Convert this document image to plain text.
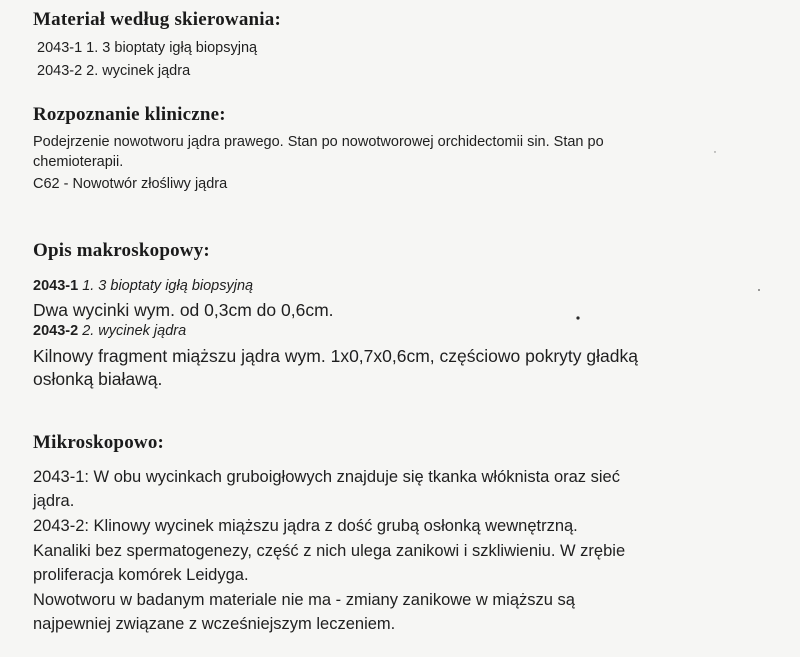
Materiał według skierowania:
2043-1 1. 3 bioptaty igłą biopsyjną
2043-2 2. wycinek jądra
Rozpoznanie kliniczne:
Podejrzenie nowotworu jądra prawego. Stan po nowotworowej orchidectomii sin. Stan po
chemioterapii.
C62 - Nowotwór złośliwy jądra
Opis makroskopowy:
2043-1 1. 3 bioptaty igłą biopsyjną
Dwa wycinki wym. od 0,3cm do 0,6cm.
2043-2 2. wycinek jądra
Kilnowy fragment miąższu jądra wym. 1x0,7x0,6cm, częściowo pokryty gładką
osłonką białawą.
Mikroskopowo:
2043-1: W obu wycinkach gruboigłowych znajduje się tkanka włóknista oraz sieć
jądra.
2043-2: Klinowy wycinek miąższu jądra z dość grubą osłonką wewnętrzną.
Kanaliki bez spermatogenezy, część z nich ulega zanikowi i szkliwieniu. W zrębie
proliferacja komórek Leidyga.
Nowotworu w badanym materiale nie ma - zmiany zanikowe w miąższu są
najpewniej związane z wcześniejszym leczeniem.
